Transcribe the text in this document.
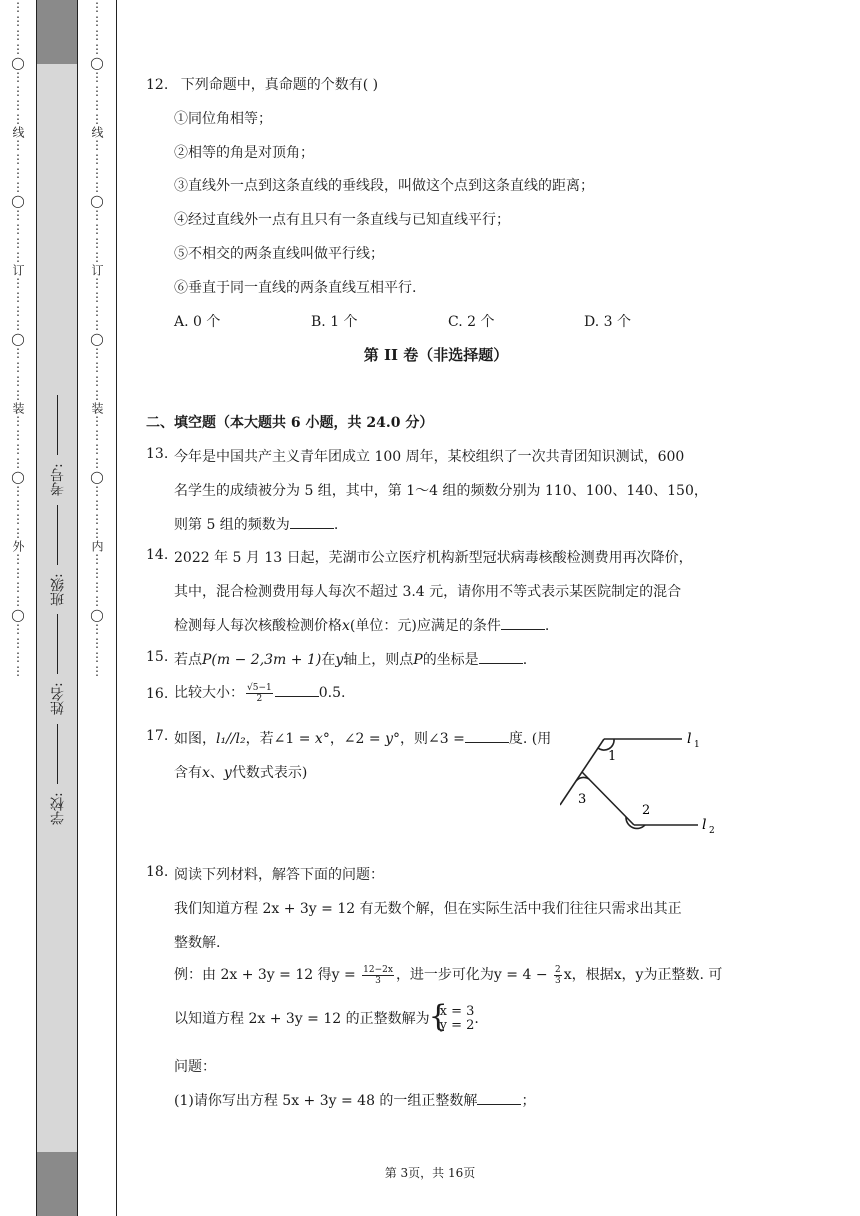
⋮⋮⋮⋮◯⋮⋮⋮⋮线⋮⋮⋮⋮◯⋮⋮⋮⋮订⋮⋮⋮⋮◯⋮⋮⋮⋮装⋮⋮⋮⋮◯⋮⋮⋮⋮外⋮⋮⋮⋮◯⋮⋮⋮⋮
学校:
姓名:
班级:
考号: ⋮⋮⋮⋮◯⋮⋮⋮⋮线⋮⋮⋮⋮◯⋮⋮⋮⋮订⋮⋮⋮⋮◯⋮⋮⋮⋮装⋮⋮⋮⋮◯⋮⋮⋮⋮内⋮⋮⋮⋮◯⋮⋮⋮⋮	12. 下列命题中，真命题的个数有( )
①同位角相等；
②相等的角是对顶角；
③直线外一点到这条直线的垂线段，叫做这个点到这条直线的距离；
④经过直线外一点有且只有一条直线与已知直线平行；
⑤不相交的两条直线叫做平行线；
⑥垂直于同一直线的两条直线互相平行.
A. 0 个	B. 1 个	C. 2 个	D. 3 个
第 II 卷（非选择题）
二、填空题（本大题共 6 小题，共 24.0 分）
13. 今年是中国共产主义青年团成立 100 周年，某校组织了一次共青团知识测试，600
名学生的成绩被分为 5 组，其中，第 1～4 组的频数分别为 110、100、140、150，
则第 5 组的频数为	.
14. 2022 年 5 月 13 日起，芜湖市公立医疗机构新型冠状病毒核酸检测费用再次降价，
其中，混合检测费用每人每次不超过 3.4 元，请你用不等式表示某医院制定的混合
检测每人每次核酸检测价格x(单位：元)应满足的条件	.
15. 若点P(m − 2,3m + 1)在y轴上，则点P的坐标是	.
16. 比较大小： $\frac{√5-1}{2}$	0.5.
17. 如图，l₁//l₂，若∠1 = x°，∠2 = y°，则∠3 =	度. (用
含有x、y代数式表示)
18. 阅读下列材料，解答下面的问题：
我们知道方程 2x + 3y = 12 有无数个解，但在实际生活中我们往往只需求出其正
整数解.
例：由 2x + 3y = 12 得$y = \frac{12-2x}{3}$ ，进一步可化为$y = 4 - \frac{2}{3}$ x，根据x，y为正整数. 可
以知道方程 2x + 3y = 12 的正整数解为
{ x = 3
y = 2 .
问题：
(1)请你写出方程 5x + 3y = 48 的一组正整数解	；
1
3
2
l 1
l 2
第 3页，共 16页
